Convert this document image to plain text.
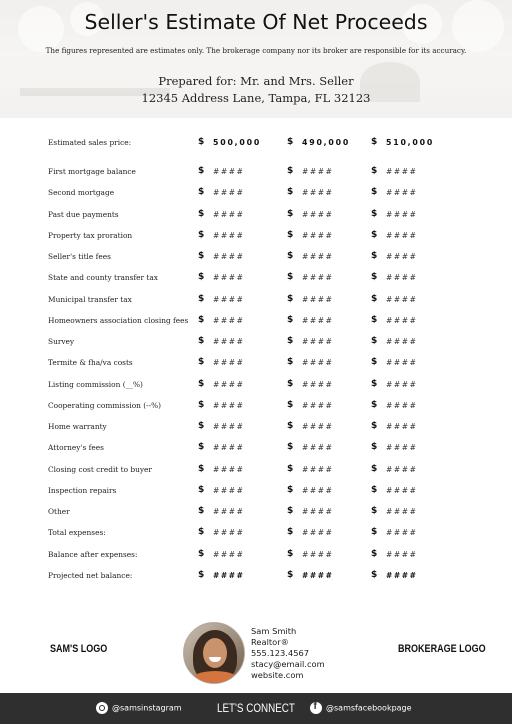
Seller's Estimate Of Net Proceeds
The figures represented are estimates only. The brokerage company nor its broker are responsible for its accuracy.
Prepared for: Mr. and Mrs. Seller
12345 Address Lane, Tampa, FL 32123
Estimated sales price:	$ 500,000	$ 490,000 $ 510,000
First mortgage balance	$ ####	$ ####	$ ####
Second mortgage	$ ####	$ ####	$ ####
Past due payments	$ ####	$ ####	$ ####
Property tax proration	$ ####	$ ####	$ ####
Seller's title fees	$ ####	$ ####	$ ####
State and county transfer tax	$ ####	$ ####	$ ####
Municipal transfer tax	$ ####	$ ####	$ ####
Homeowners association closing fees $ ####	$ ####	$ ####
Survey	$ ####	$ ####	$ ####
Termite & fha/va costs	$ ####	$ ####	$ ####
Listing commission (__%)	$ ####	$ ####	$ ####
Cooperating commission (--%)	$ ####	$ ####	$ ####
Home warranty	$ ####	$ ####	$ ####
Attorney's fees	$ ####	$ ####	$ ####
Closing cost credit to buyer	$ ####	$ ####	$ ####
Inspection repairs	$ ####	$ ####	$ ####
Other	$ ####	$ ####	$ ####
Total expenses:	$ ####	$ ####	$ ####
Balance after expenses:	$ ####	$ ####	$ ####
Projected net balance:	$ ####	$ ####	$ ####
SAM'S LOGO
Sam Smith
Realtor®
555.123.4567
stacy@email.com
website.com
BROKERAGE LOGO
@samsinstagram	LET'S CONNECT
f	@samsfacebookpage
